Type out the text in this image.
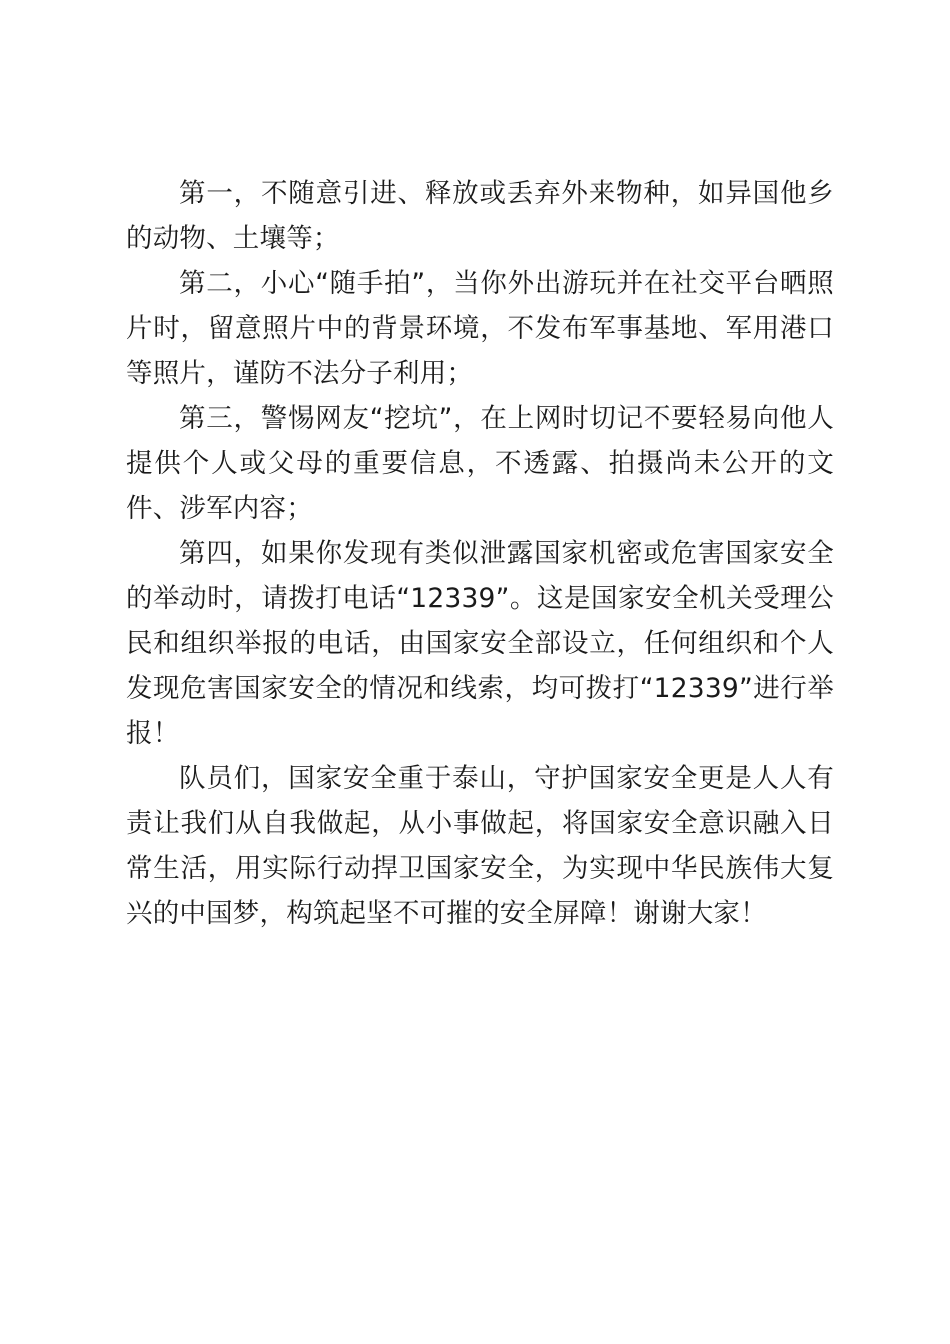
第一，不随意引进、释放或丢弃外来物种，如异国他乡的动物、土壤等；

第二，小心“随手拍”，当你外出游玩并在社交平台晒照片时，留意照片中的背景环境，不发布军事基地、军用港口等照片，谨防不法分子利用；

第三，警惕网友“挖坑”，在上网时切记不要轻易向他人提供个人或父母的重要信息，不透露、拍摄尚未公开的文件、涉军内容；

第四，如果你发现有类似泄露国家机密或危害国家安全的举动时，请拨打电话“12339”。这是国家安全机关受理公民和组织举报的电话，由国家安全部设立，任何组织和个人发现危害国家安全的情况和线索，均可拨打“12339”进行举报！

队员们，国家安全重于泰山，守护国家安全更是人人有责让我们从自我做起，从小事做起，将国家安全意识融入日常生活，用实际行动捍卫国家安全，为实现中华民族伟大复兴的中国梦，构筑起坚不可摧的安全屏障！谢谢大家！
